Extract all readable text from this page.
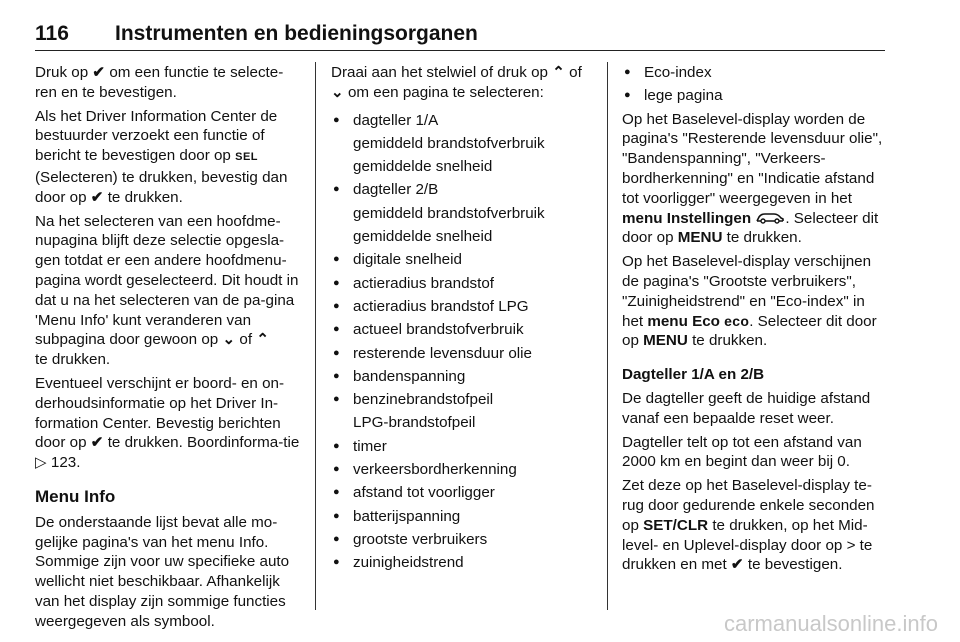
116 Instrumenten en bedieningsorganen

Druk op ✔ om een functie te selecte-ren en te bevestigen.

Als het Driver Information Center de bestuurder verzoekt een functie of bericht te bevestigen door op SEL
(Selecteren) te drukken, bevestig dan door op ✔ te drukken.

Na het selecteren van een hoofdme-nupagina blijft deze selectie opgesla-gen totdat er een andere hoofdmenu-pagina wordt geselecteerd. Dit houdt in dat u na het selecteren van de pa-gina 'Menu Info' kunt veranderen van subpagina door gewoon op ⌄ of ⌃
te drukken.

Eventueel verschijnt er boord- en on-derhoudsinformatie op het Driver In-formation Center. Bevestig berichten door op ✔ te drukken. Boordinforma-tie ▷ 123.

Menu Info

De onderstaande lijst bevat alle mo-gelijke pagina's van het menu Info. Sommige zijn voor uw specifieke auto wellicht niet beschikbaar. Afhankelijk van het display zijn sommige functies weergegeven als symbool.

Draai aan het stelwiel of druk op ⌃ of
⌄ om een pagina te selecteren:

● dagteller 1/A
gemiddeld brandstofverbruik
gemiddelde snelheid
● dagteller 2/B
gemiddeld brandstofverbruik
gemiddelde snelheid
● digitale snelheid
● actieradius brandstof
● actieradius brandstof LPG
● actueel brandstofverbruik
● resterende levensduur olie
● bandenspanning
● benzinebrandstofpeil
LPG-brandstofpeil
● timer
● verkeersbordherkenning
● afstand tot voorligger
● batterijspanning
● grootste verbruikers
● zuinigheidstrend
● Eco-index
● lege pagina

Op het Baselevel-display worden de pagina's "Resterende levensduur olie", "Bandenspanning", "Verkeers-bordherkenning" en "Indicatie afstand tot voorligger" weergegeven in het menu Instellingen . Selecteer dit door op MENU te drukken.

Op het Baselevel-display verschijnen de pagina's "Grootste verbruikers", "Zuinigheidstrend" en "Eco-index" in het menu Eco eco. Selecteer dit door op MENU te drukken.

Dagteller 1/A en 2/B

De dagteller geeft de huidige afstand vanaf een bepaalde reset weer.

Dagteller telt op tot een afstand van 2000 km en begint dan weer bij 0.

Zet deze op het Baselevel-display te-rug door gedurende enkele seconden op SET/CLR te drukken, op het Mid-level- en Uplevel-display door op > te drukken en met ✔ te bevestigen.

carmanualsonline.info
